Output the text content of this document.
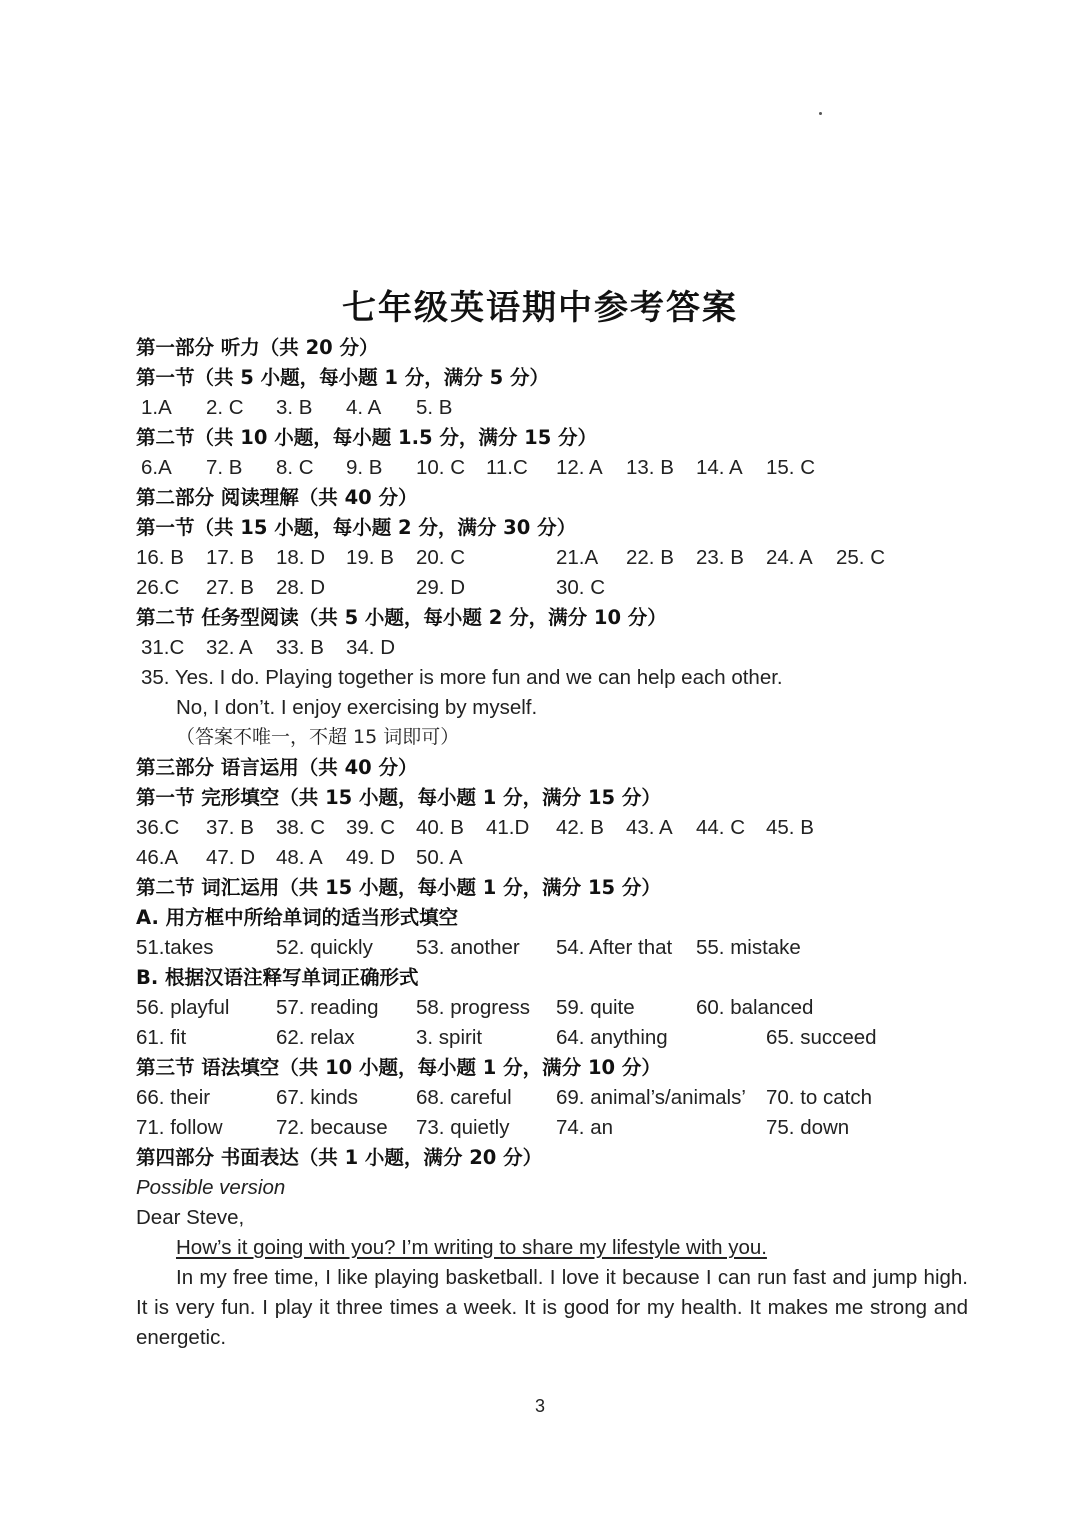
七年级英语期中参考答案
第一部分 听力（共 20 分）
第一节（共 5 小题，每小题 1 分，满分 5 分）
1.A 2. C 3. B 4. A 5. B
第二节（共 10 小题，每小题 1.5 分，满分 15 分）
6.A 7. B 8. C 9. B 10. C 11.C 12. A 13. B 14. A 15. C
第二部分 阅读理解（共 40 分）
第一节（共 15 小题，每小题 2 分，满分 30 分）
16. B 17. B 18. D 19. B 20. C	21.A 22. B 23. B 24. A 25. C
26.C 27. B 28. D	29. D	30. C
第二节 任务型阅读（共 5 小题，每小题 2 分，满分 10 分）
31.C 32. A 33. B 34. D
35. Yes. I do. Playing together is more fun and we can help each other.
No, I don’t. I enjoy exercising by myself.
（答案不唯一，不超 15 词即可）
第三部分 语言运用（共 40 分）
第一节 完形填空（共 15 小题，每小题 1 分，满分 15 分）
36.C 37. B 38. C 39. C 40. B 41.D 42. B 43. A 44. C 45. B
46.A 47. D 48. A 49. D 50. A
第二节 词汇运用（共 15 小题，每小题 1 分，满分 15 分）
A. 用方框中所给单词的适当形式填空
51.takes	52. quickly 53. another 54. After that 55. mistake
B. 根据汉语注释写单词正确形式
56. playful 57. reading 58. progress 59. quite	60. balanced
61. fit	62. relax	3. spirit	64. anything	65. succeed
第三节 语法填空（共 10 小题，每小题 1 分，满分 10 分）
66. their	67. kinds	68. careful 69. animal’s/animals’ 70. to catch
71. follow	72. because 73. quietly 74. an	75. down
第四部分 书面表达（共 1 小题，满分 20 分）
Possible version
Dear Steve,
How’s it going with you? I’m writing to share my lifestyle with you.
In my free time, I like playing basketball. I love it because I can run fast and jump high. It is very fun. I play it three times a week. It is good for my health. It makes me strong and energetic.
3
